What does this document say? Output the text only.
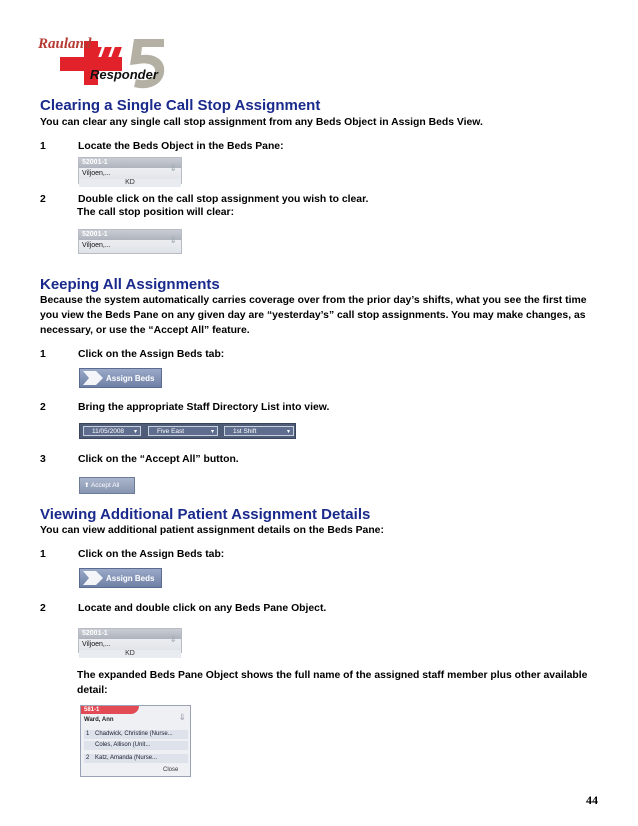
Rauland
Responder
Clearing a Single Call Stop Assignment

You can clear any single call stop assignment from any Beds Object in Assign Beds View.

1	Locate the Beds Object in the Beds Pane:
52001-1
Viljoen,...
KD
⇓
2	Double click on the call stop assignment you wish to clear.
The call stop position will clear:
52001-1
Viljoen,...
⇓
Keeping All Assignments

Because the system automatically carries coverage over from the prior day’s shifts, what you see the first time you view the Beds Pane on any given day are “yesterday’s” call stop assignments. You may make changes, as necessary, or use the “Accept All” feature.

1	Click on the Assign Beds tab:
Assign Beds
2	Bring the appropriate Staff Directory List into view.
11/05/2008 ▾	Five East	▾	1st Shift	▾
3	Click on the “Accept All” button.
⬆ Accept All
Viewing Additional Patient Assignment Details

You can view additional patient assignment details on the Beds Pane:

1	Click on the Assign Beds tab:
Assign Beds
2	Locate and double click on any Beds Pane Object.
52001-1
Viljoen,...
KD
⇓

The expanded Beds Pane Object shows the full name of the assigned staff member plus other available detail:

581-1
Ward, Ann	⇓
1 Chadwick, Christine (Nurse...
Coles, Allison (Unit...
2 Katz, Amanda (Nurse...
Close
44
